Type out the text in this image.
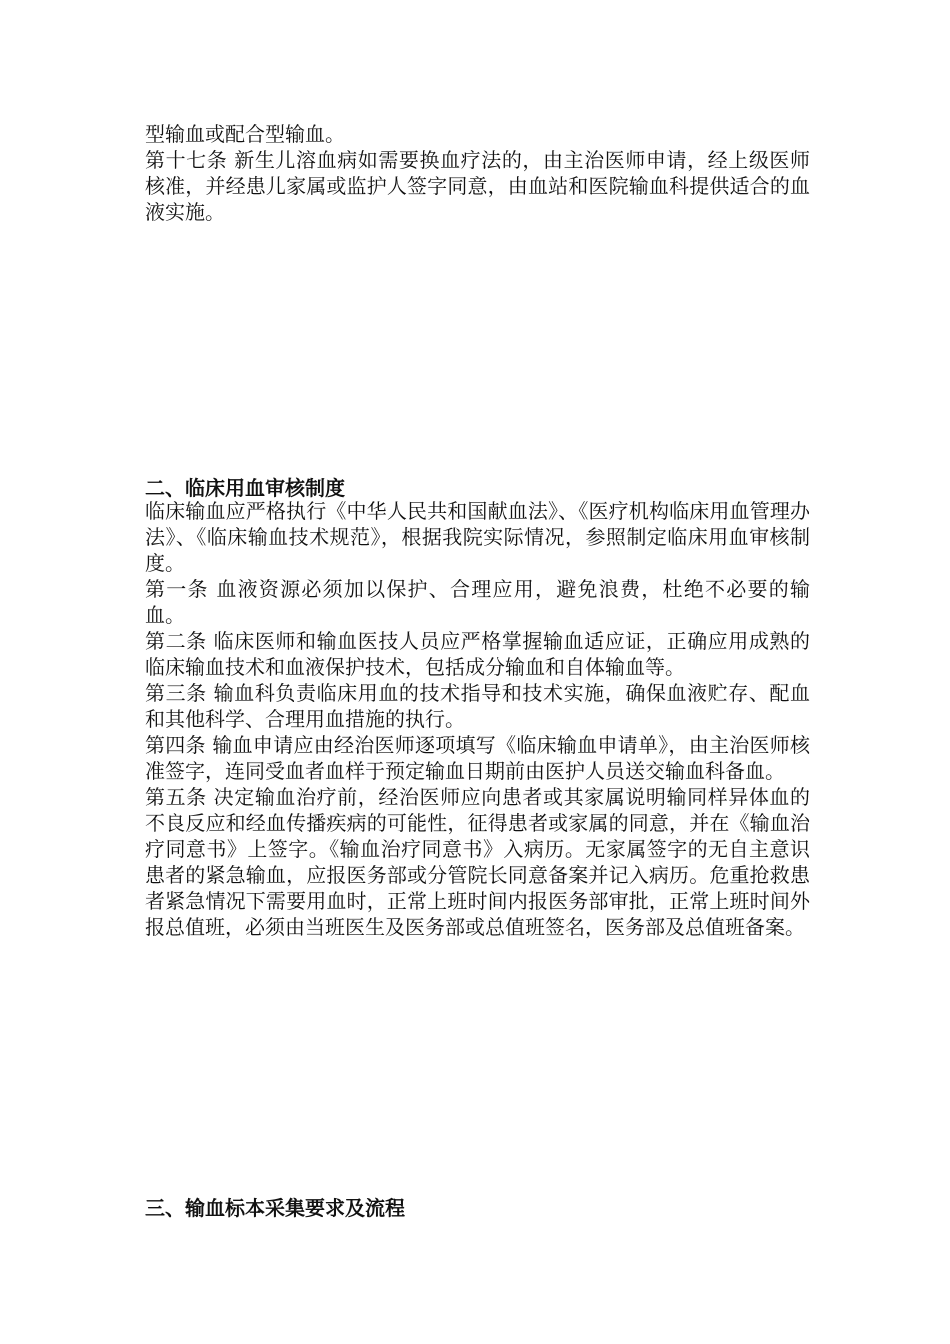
型输血或配合型输血。

第十七条 新生儿溶血病如需要换血疗法的，由主治医师申请，经上级医师核准，并经患儿家属或监护人签字同意，由血站和医院输血科提供适合的血液实施。

二、临床用血审核制度

临床输血应严格执行《中华人民共和国献血法》、《医疗机构临床用血管理办法》、《临床输血技术规范》，根据我院实际情况，参照制定临床用血审核制度。

第一条 血液资源必须加以保护、合理应用，避免浪费，杜绝不必要的输血。

第二条 临床医师和输血医技人员应严格掌握输血适应证，正确应用成熟的临床输血技术和血液保护技术，包括成分输血和自体输血等。

第三条 输血科负责临床用血的技术指导和技术实施，确保血液贮存、配血和其他科学、合理用血措施的执行。

第四条 输血申请应由经治医师逐项填写《临床输血申请单》，由主治医师核准签字，连同受血者血样于预定输血日期前由医护人员送交输血科备血。

第五条 决定输血治疗前，经治医师应向患者或其家属说明输同样异体血的不良反应和经血传播疾病的可能性，征得患者或家属的同意，并在《输血治疗同意书》上签字。《输血治疗同意书》入病历。无家属签字的无自主意识患者的紧急输血，应报医务部或分管院长同意备案并记入病历。危重抢救患者紧急情况下需要用血时，正常上班时间内报医务部审批，正常上班时间外报总值班，必须由当班医生及医务部或总值班签名，医务部及总值班备案。

三、输血标本采集要求及流程
